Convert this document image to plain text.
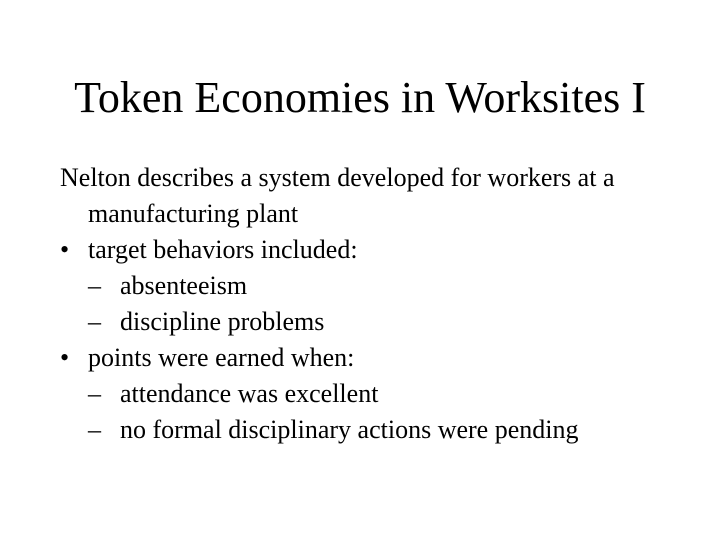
Token Economies in Worksites I

Nelton describes a system developed for workers at a manufacturing plant

• target behaviors included:
– absenteeism
– discipline problems
• points were earned when:
– attendance was excellent
– no formal disciplinary actions were pending
